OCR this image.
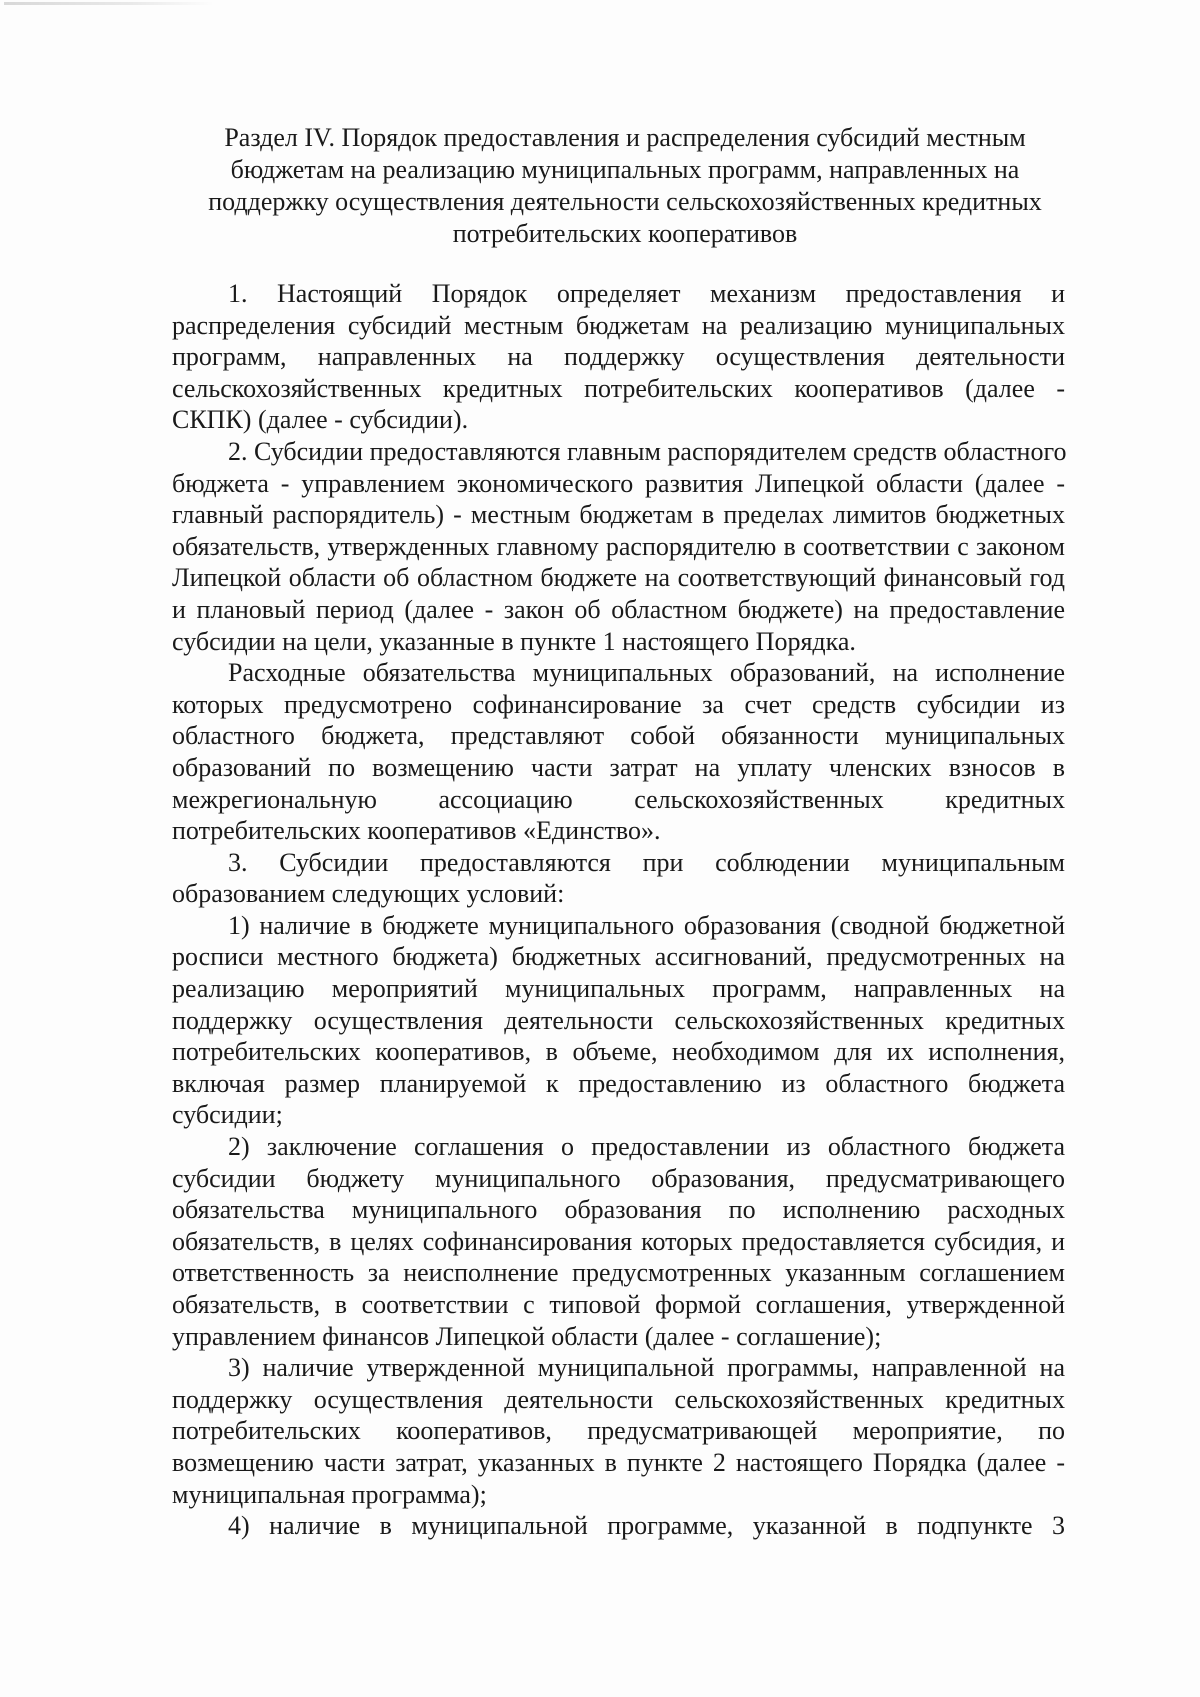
Раздел IV. Порядок предоставления и распределения субсидий местным
бюджетам на реализацию муниципальных программ, направленных на
поддержку осуществления деятельности сельскохозяйственных кредитных
потребительских кооперативов
1. Настоящий Порядок определяет механизм предоставления и
распределения субсидий местным бюджетам на реализацию муниципальных
программ, направленных на поддержку осуществления деятельности
сельскохозяйственных кредитных потребительских кооперативов (далее -
СКПК) (далее - субсидии).
2. Субсидии предоставляются главным распорядителем средств областного
бюджета - управлением экономического развития Липецкой области (далее -
главный распорядитель) - местным бюджетам в пределах лимитов бюджетных
обязательств, утвержденных главному распорядителю в соответствии с законом
Липецкой области об областном бюджете на соответствующий финансовый год
и плановый период (далее - закон об областном бюджете) на предоставление
субсидии на цели, указанные в пункте 1 настоящего Порядка.
Расходные обязательства муниципальных образований, на исполнение
которых предусмотрено софинансирование за счет средств субсидии из
областного бюджета, представляют собой обязанности муниципальных
образований по возмещению части затрат на уплату членских взносов в
межрегиональную ассоциацию сельскохозяйственных кредитных
потребительских кооперативов «Единство».
3. Субсидии предоставляются при соблюдении муниципальным
образованием следующих условий:
1) наличие в бюджете муниципального образования (сводной бюджетной
росписи местного бюджета) бюджетных ассигнований, предусмотренных на
реализацию мероприятий муниципальных программ, направленных на
поддержку осуществления деятельности сельскохозяйственных кредитных
потребительских кооперативов, в объеме, необходимом для их исполнения,
включая размер планируемой к предоставлению из областного бюджета
субсидии;
2) заключение соглашения о предоставлении из областного бюджета
субсидии бюджету муниципального образования, предусматривающего
обязательства муниципального образования по исполнению расходных
обязательств, в целях софинансирования которых предоставляется субсидия, и
ответственность за неисполнение предусмотренных указанным соглашением
обязательств, в соответствии с типовой формой соглашения, утвержденной
управлением финансов Липецкой области (далее - соглашение);
3) наличие утвержденной муниципальной программы, направленной на
поддержку осуществления деятельности сельскохозяйственных кредитных
потребительских кооперативов, предусматривающей мероприятие, по
возмещению части затрат, указанных в пункте 2 настоящего Порядка (далее -
муниципальная программа);
4) наличие в муниципальной программе, указанной в подпункте 3
